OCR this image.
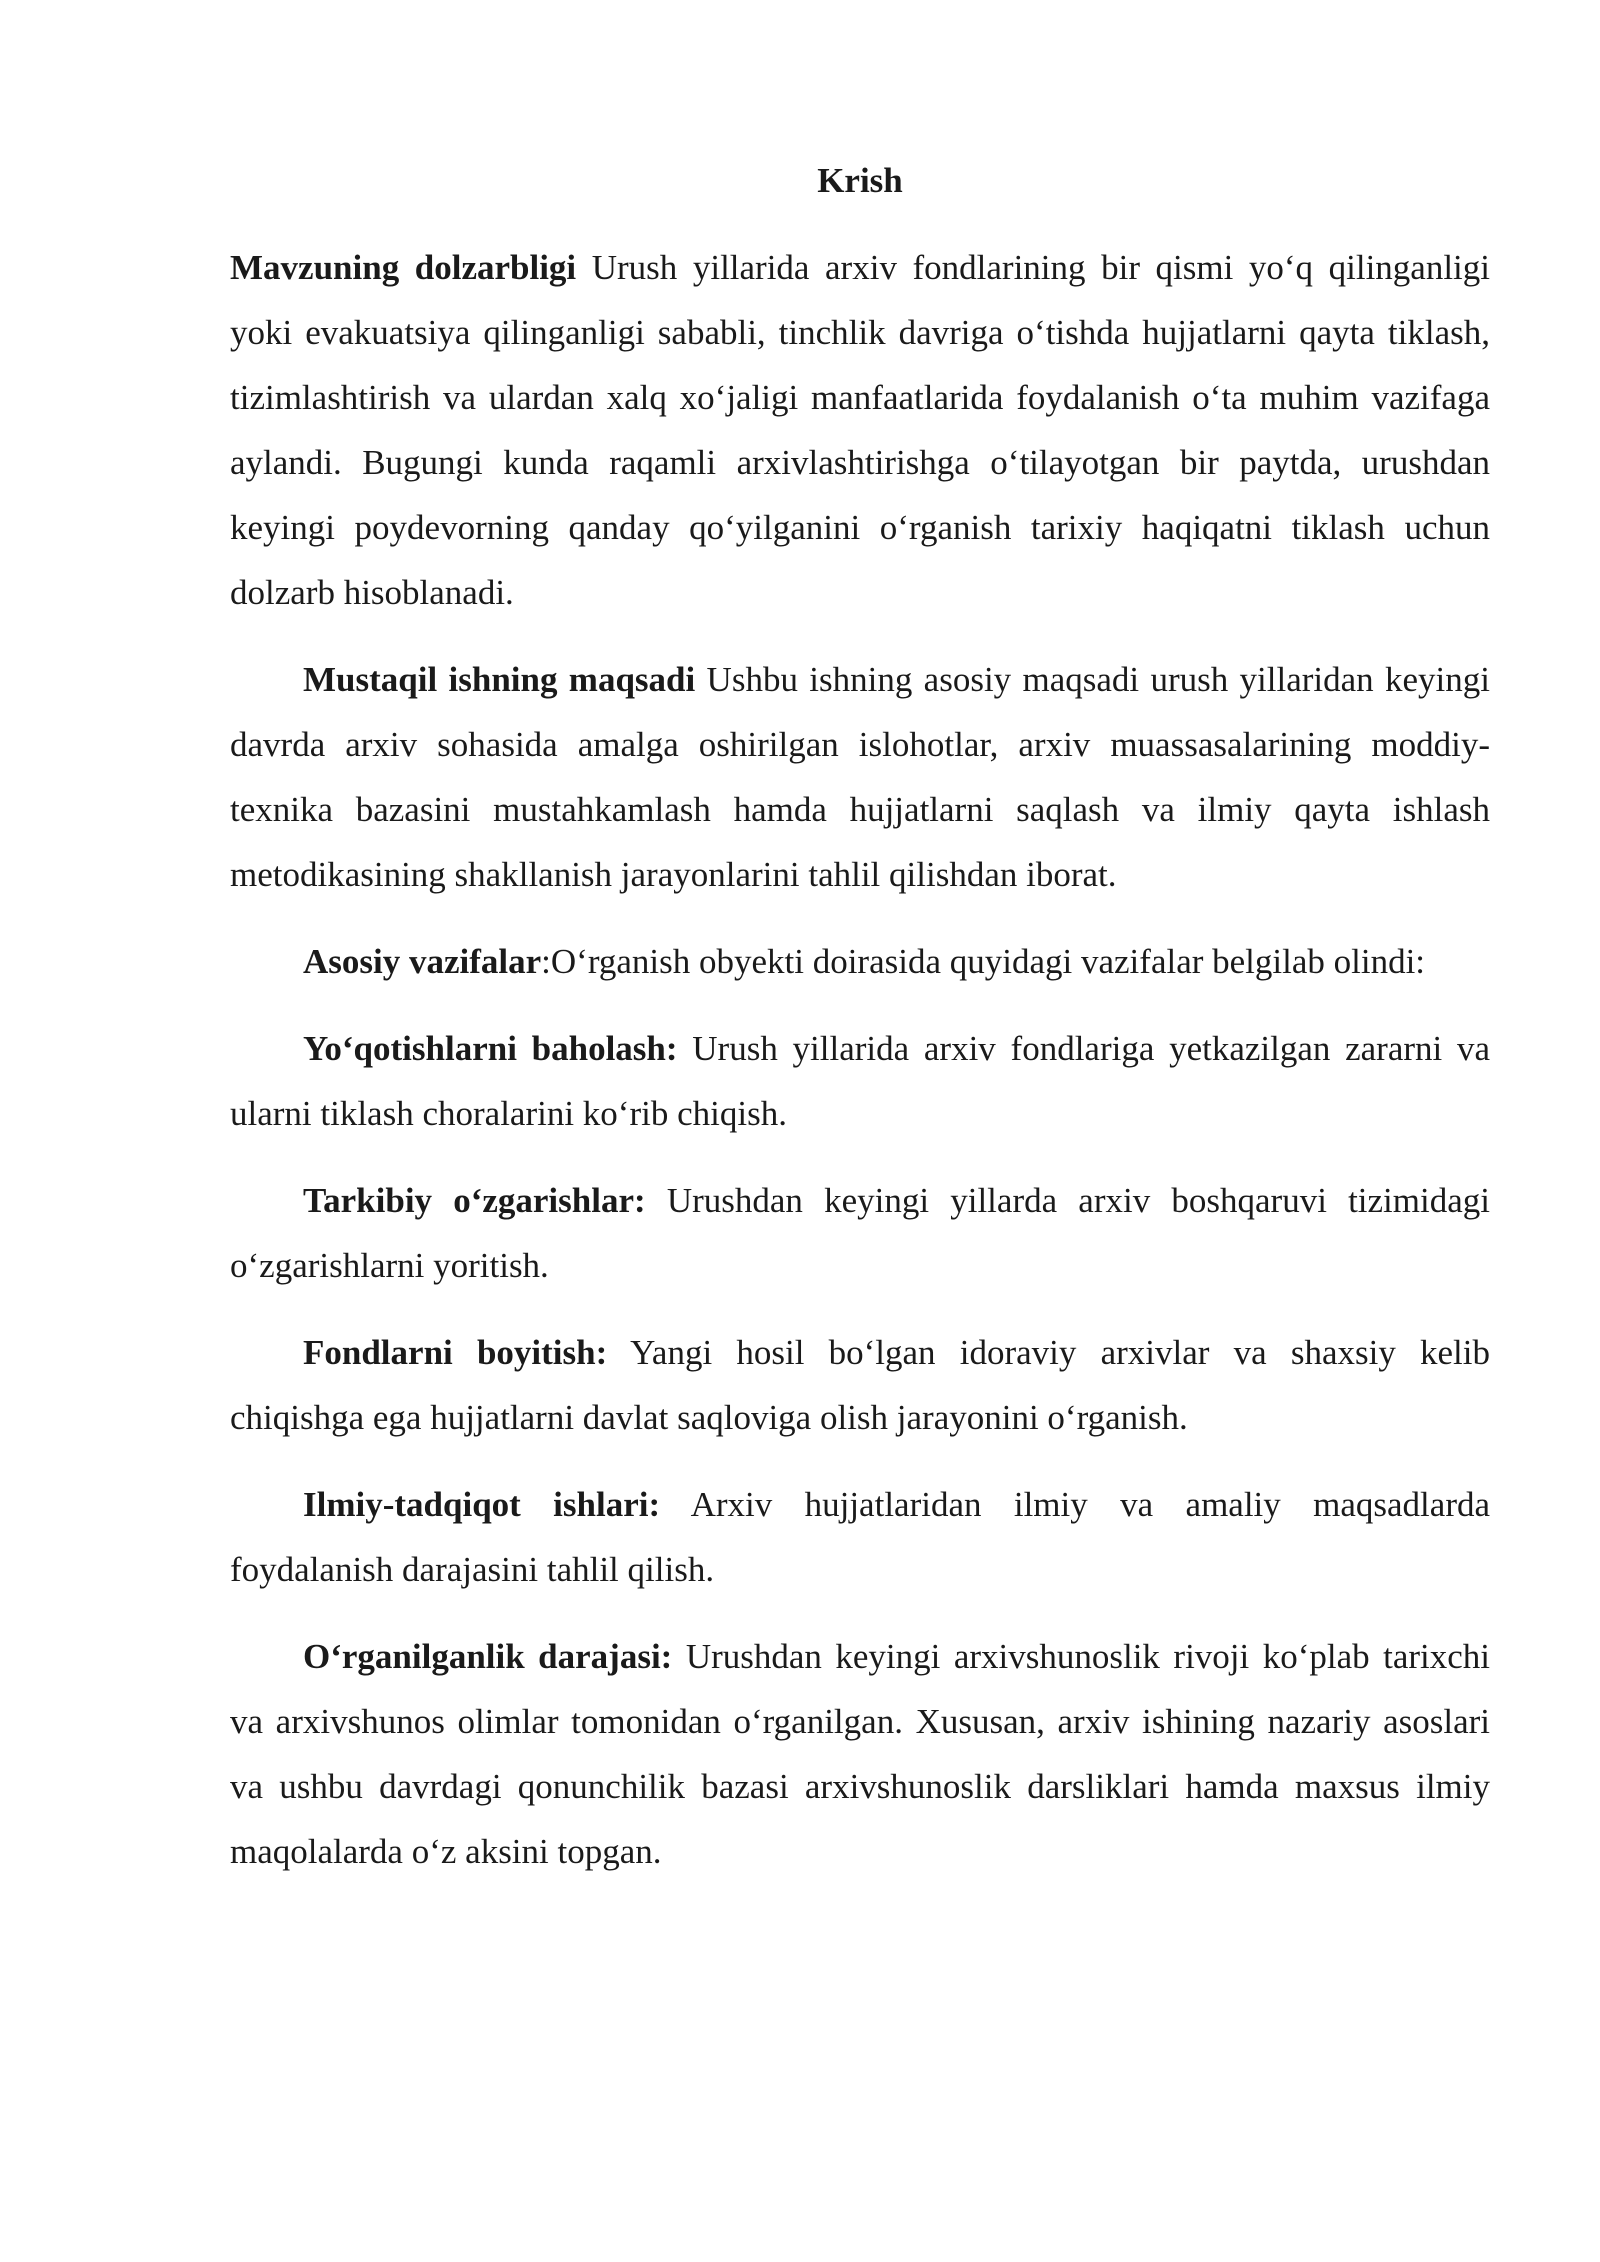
Krish

Mavzuning dolzarbligi Urush yillarida arxiv fondlarining bir qismi yo‘q qilinganligi yoki evakuatsiya qilinganligi sababli, tinchlik davriga o‘tishda hujjatlarni qayta tiklash, tizimlashtirish va ulardan xalq xo‘jaligi manfaatlarida foydalanish o‘ta muhim vazifaga aylandi. Bugungi kunda raqamli arxivlashtirishga o‘tilayotgan bir paytda, urushdan keyingi poydevorning qanday qo‘yilganini o‘rganish tarixiy haqiqatni tiklash uchun dolzarb hisoblanadi.

Mustaqil ishning maqsadi Ushbu ishning asosiy maqsadi urush yillaridan keyingi davrda arxiv sohasida amalga oshirilgan islohotlar, arxiv muassasalarining moddiy-texnika bazasini mustahkamlash hamda hujjatlarni saqlash va ilmiy qayta ishlash metodikasining shakllanish jarayonlarini tahlil qilishdan iborat.

Asosiy vazifalar:O‘rganish obyekti doirasida quyidagi vazifalar belgilab olindi:

Yo‘qotishlarni baholash: Urush yillarida arxiv fondlariga yetkazilgan zararni va ularni tiklash choralarini ko‘rib chiqish.

Tarkibiy o‘zgarishlar: Urushdan keyingi yillarda arxiv boshqaruvi tizimidagi o‘zgarishlarni yoritish.

Fondlarni boyitish: Yangi hosil bo‘lgan idoraviy arxivlar va shaxsiy kelib chiqishga ega hujjatlarni davlat saqloviga olish jarayonini o‘rganish.

Ilmiy-tadqiqot ishlari: Arxiv hujjatlaridan ilmiy va amaliy maqsadlarda foydalanish darajasini tahlil qilish.

O‘rganilganlik darajasi: Urushdan keyingi arxivshunoslik rivoji ko‘plab tarixchi va arxivshunos olimlar tomonidan o‘rganilgan. Xususan, arxiv ishining nazariy asoslari va ushbu davrdagi qonunchilik bazasi arxivshunoslik darsliklari hamda maxsus ilmiy maqolalarda o‘z aksini topgan.
